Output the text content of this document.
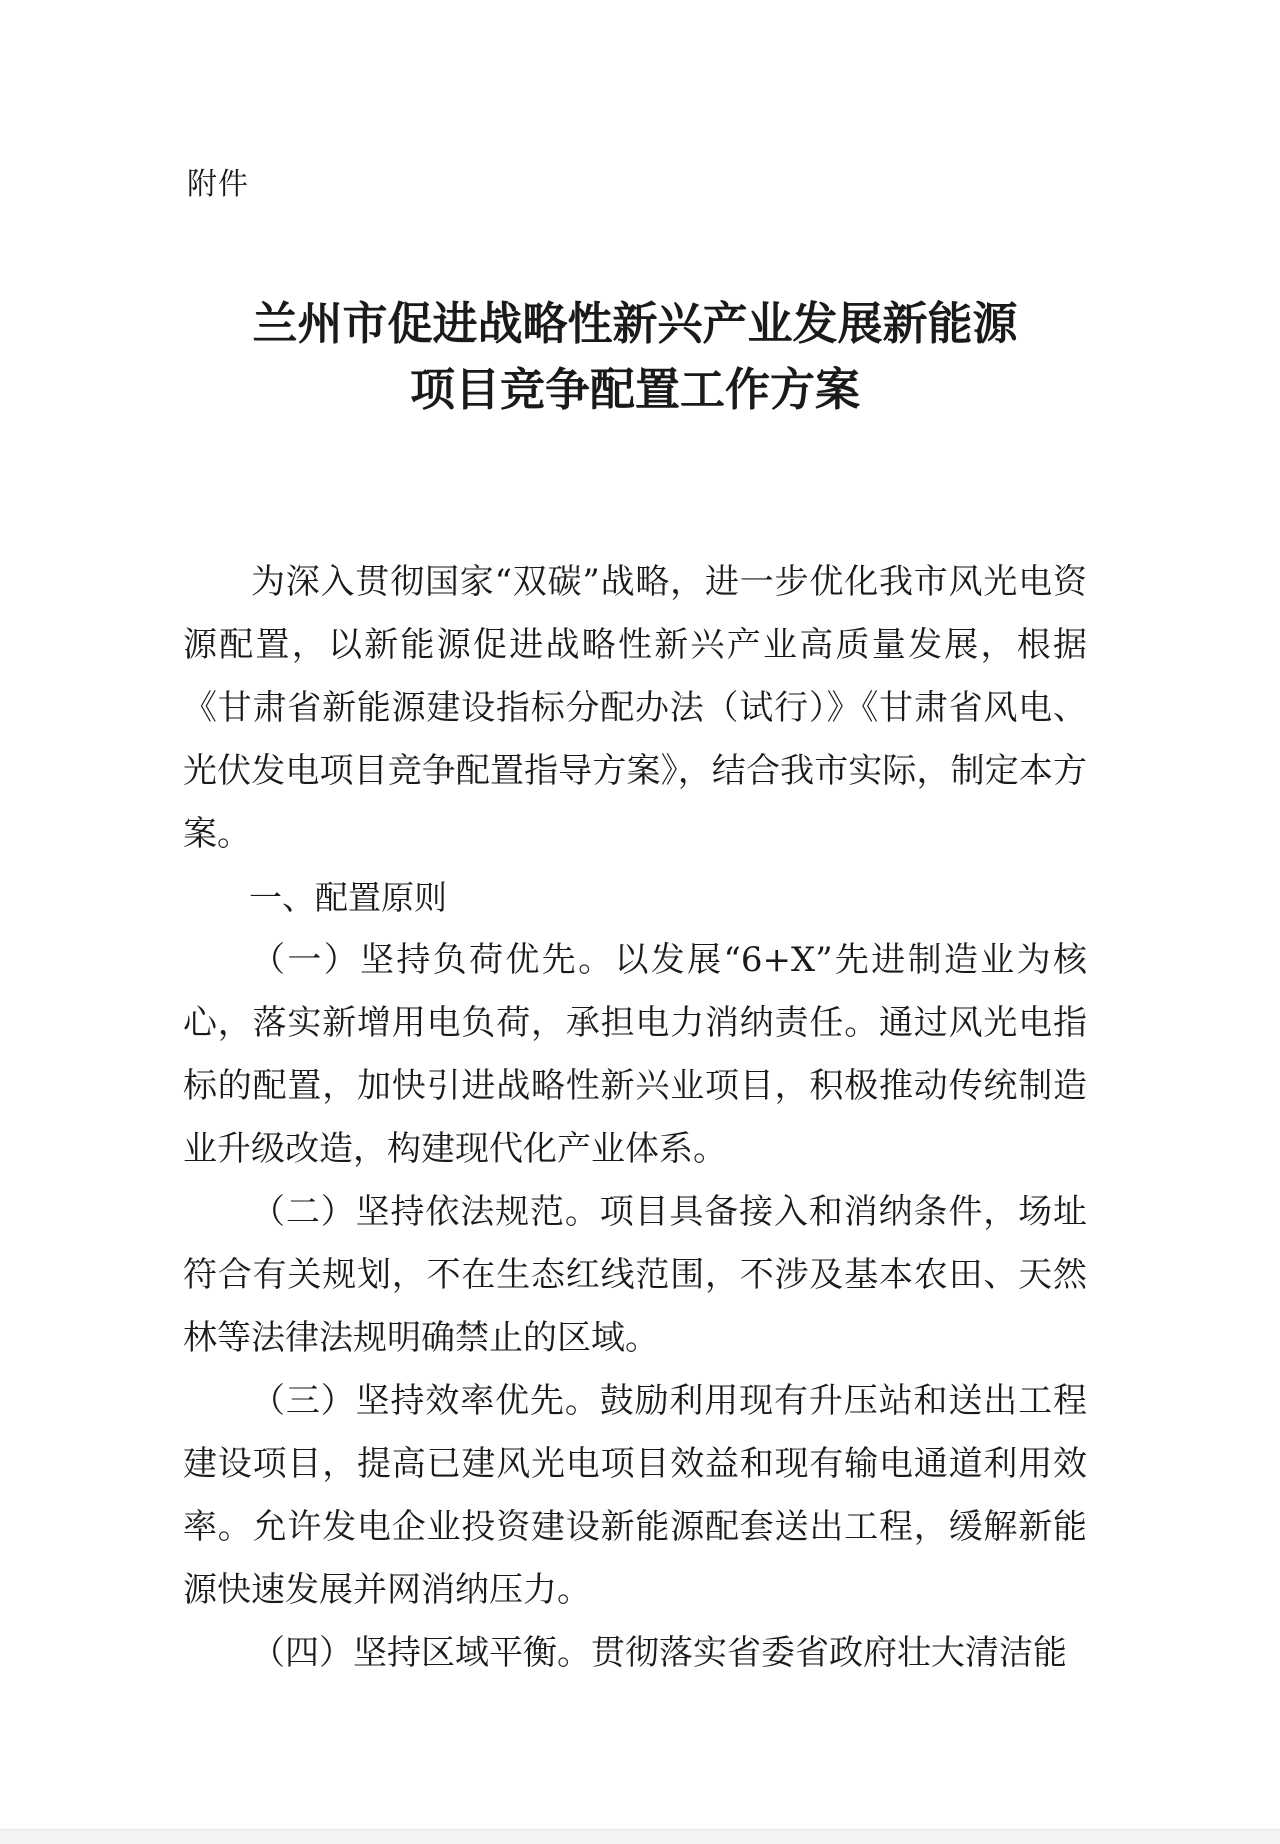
附件
兰州市促进战略性新兴产业发展新能源
项目竞争配置工作方案

为深入贯彻国家“双碳”战略，进一步优化我市风光电资源配置，以新能源促进战略性新兴产业高质量发展，根据《甘肃省新能源建设指标分配办法（试行）》《甘肃省风电、光伏发电项目竞争配置指导方案》，结合我市实际，制定本方案。

一、配置原则

（一）坚持负荷优先。以发展“6+X”先进制造业为核心，落实新增用电负荷，承担电力消纳责任。通过风光电指标的配置，加快引进战略性新兴业项目，积极推动传统制造业升级改造，构建现代化产业体系。

（二）坚持依法规范。项目具备接入和消纳条件，场址符合有关规划，不在生态红线范围，不涉及基本农田、天然林等法律法规明确禁止的区域。

（三）坚持效率优先。鼓励利用现有升压站和送出工程建设项目，提高已建风光电项目效益和现有输电通道利用效率。允许发电企业投资建设新能源配套送出工程，缓解新能源快速发展并网消纳压力。

（四）坚持区域平衡。贯彻落实省委省政府壮大清洁能
